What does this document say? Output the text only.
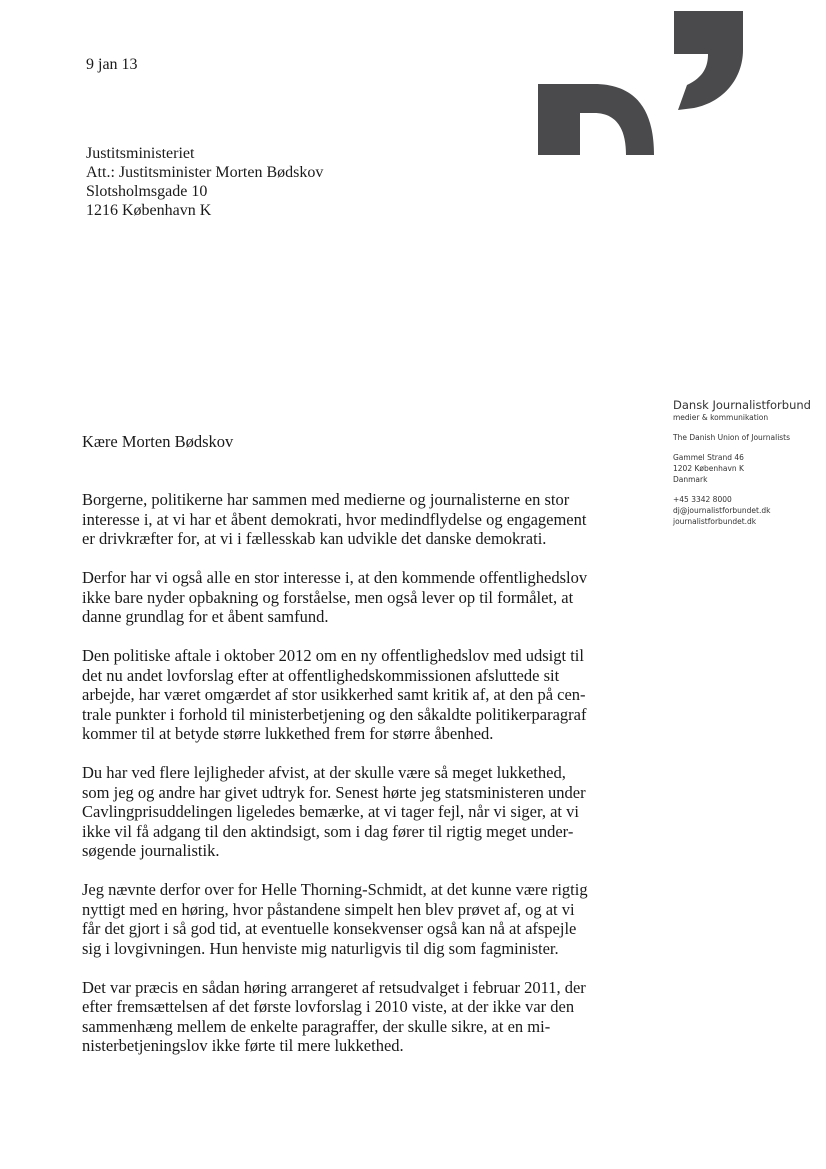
9 jan 13
Justitsministeriet
Att.: Justitsminister Morten Bødskov
Slotsholmsgade 10
1216 København K
Dansk Journalistforbund
medier & kommunikation
The Danish Union of Journalists
Gammel Strand 46
1202 København K
Danmark
+45 3342 8000
dj@journalistforbundet.dk
journalistforbundet.dk
Kære Morten Bødskov

Borgerne, politikerne har sammen med medierne og journalisterne en stor
interesse i, at vi har et åbent demokrati, hvor medindflydelse og engagement
er drivkræfter for, at vi i fællesskab kan udvikle det danske demokrati.

Derfor har vi også alle en stor interesse i, at den kommende offentlighedslov
ikke bare nyder opbakning og forståelse, men også lever op til formålet, at
danne grundlag for et åbent samfund.

Den politiske aftale i oktober 2012 om en ny offentlighedslov med udsigt til
det nu andet lovforslag efter at offentlighedskommissionen afsluttede sit
arbejde, har været omgærdet af stor usikkerhed samt kritik af, at den på cen-
trale punkter i forhold til ministerbetjening og den såkaldte politikerparagraf
kommer til at betyde større lukkethed frem for større åbenhed.

Du har ved flere lejligheder afvist, at der skulle være så meget lukkethed,
som jeg og andre har givet udtryk for. Senest hørte jeg statsministeren under
Cavlingprisuddelingen ligeledes bemærke, at vi tager fejl, når vi siger, at vi
ikke vil få adgang til den aktindsigt, som i dag fører til rigtig meget under-
søgende journalistik.

Jeg nævnte derfor over for Helle Thorning-Schmidt, at det kunne være rigtig
nyttigt med en høring, hvor påstandene simpelt hen blev prøvet af, og at vi
får det gjort i så god tid, at eventuelle konsekvenser også kan nå at afspejle
sig i lovgivningen. Hun henviste mig naturligvis til dig som fagminister.

Det var præcis en sådan høring arrangeret af retsudvalget i februar 2011, der
efter fremsættelsen af det første lovforslag i 2010 viste, at der ikke var den
sammenhæng mellem de enkelte paragraffer, der skulle sikre, at en mi-
nisterbetjeningslov ikke førte til mere lukkethed.
